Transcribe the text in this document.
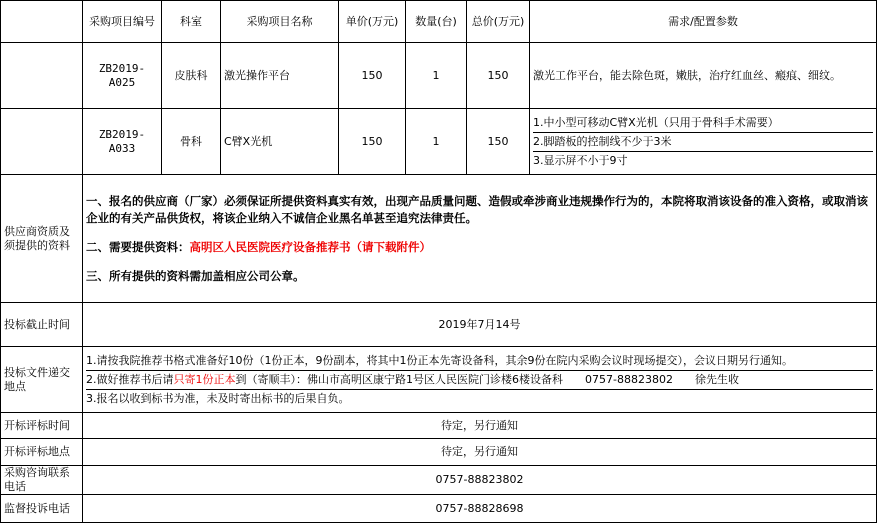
	采购项目编号	科室	采购项目名称	单价(万元)	数量(台)	总价(万元)	需求/配置参数
	ZB2019-A025	皮肤科	激光操作平台	150	1	150	激光工作平台，能去除色斑，嫩肤，治疗红血丝、瘢痕、细纹。
	ZB2019-A033	骨科	C臂X光机	150	1	150	1.中小型可移动C臂X光机（只用于骨科手术需要）
2.脚踏板的控制线不少于3米
3.显示屏不小于9寸

供应商资质及须提供的资料	一、报名的供应商（厂家）必须保证所提供资料真实有效，出现产品质量问题、造假或牵涉商业违规操作行为的，本院将取消该设备的准入资格，或取消该企业的有关产品供货权，将该企业纳入不诚信企业黑名单甚至追究法律责任。
二、需要提供资料：高明区人民医院医疗设备推荐书（请下载附件）
三、所有提供的资料需加盖相应公司公章。						

投标截止时间	2019年7月14号						
投标文件递交地点	1.请按我院推荐书格式准备好10份（1份正本，9份副本，将其中1份正本先寄设备科，其余9份在院内采购会议时现场提交），会议日期另行通知。
2.做好推荐书后请只寄1份正本到（寄顺丰）：佛山市高明区康宁路1号区人民医院门诊楼6楼设备科　　0757-88823802　　徐先生收
3.报名以收到标书为准，未及时寄出标书的后果自负。						

开标评标时间	待定，另行通知						
开标评标地点	待定，另行通知						
采购咨询联系电话	0757-88823802						
监督投诉电话	0757-88828698						
